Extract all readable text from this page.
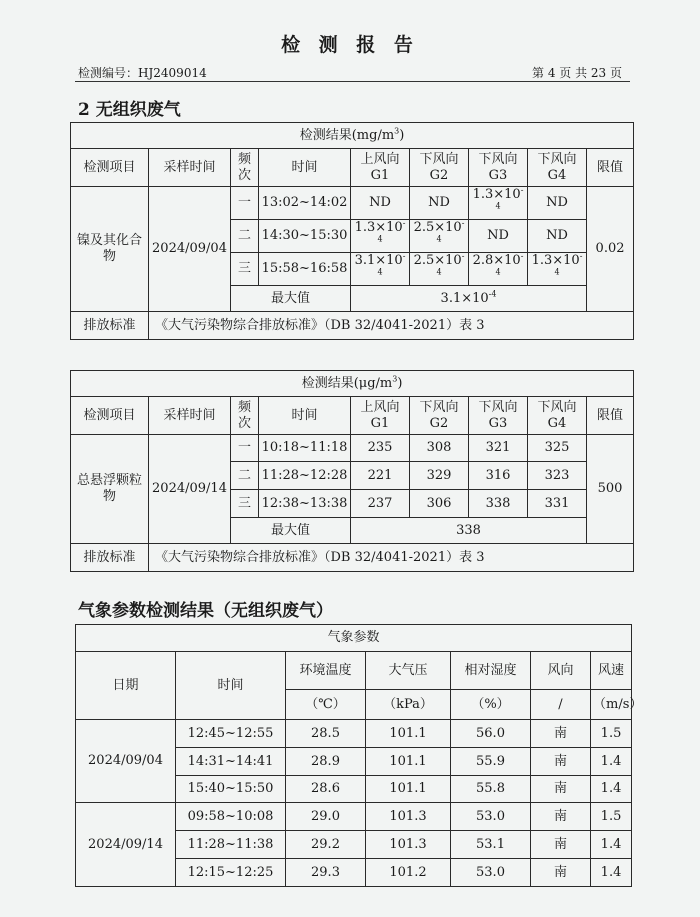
检 测 报 告
检测编号：HJ2409014	第 4 页 共 23 页
2 无组织废气
检测结果$(mg/m^3)$								
检测项目	采样时间	频次	时间	上风向G1	下风向G2	下风向G3	下风向G4	限值
镍及其化合物	2024/09/04	一	13:02~14:02	ND	ND	$1.3\times 10^{-4}$	ND	0.02
		二	14:30~15:30	$1.3\times 10^{-4}$	$2.5\times 10^{-4}$	ND	ND	
		三	15:58~16:58	$3.1\times 10^{-4}$	$2.5\times 10^{-4}$	$2.8\times 10^{-4}$	$1.3\times 10^{-4}$
		最大值		$3.1\times 10^{-4}$
排放标准	《大气污染物综合排放标准》（DB 32/4041-2021）表 3							
检测结果$(\mu g/m^3)$								
检测项目	采样时间	频次	时间	上风向G1	下风向G2	下风向G3	下风向G4	限值
总悬浮颗粒物	2024/09/14	一	10:18~11:18	235	308	321	325	500
		二	11:28~12:28	221	329	316	323	
		三	12:38~13:38	237	306	338	331	
		最大值		338				
排放标准	《大气污染物综合排放标准》（DB 32/4041-2021）表 3							
气象参数检测结果（无组织废气）
气象参数						
日期	时间	环境温度	大气压	相对湿度	风向	风速
		（℃）	（kPa）	（%）	/	（m/s）
2024/09/04	12:45~12:55	28.5	101.1	56.0	南	1.5
	14:31~14:41	28.9	101.1	55.9	南	1.4
	15:40~15:50	28.6	101.1	55.8	南	1.4
2024/09/14	09:58~10:08	29.0	101.3	53.0	南	1.5
	11:28~11:38	29.2	101.3	53.1	南	1.4
	12:15~12:25	29.3	101.2	53.0	南	1.4
